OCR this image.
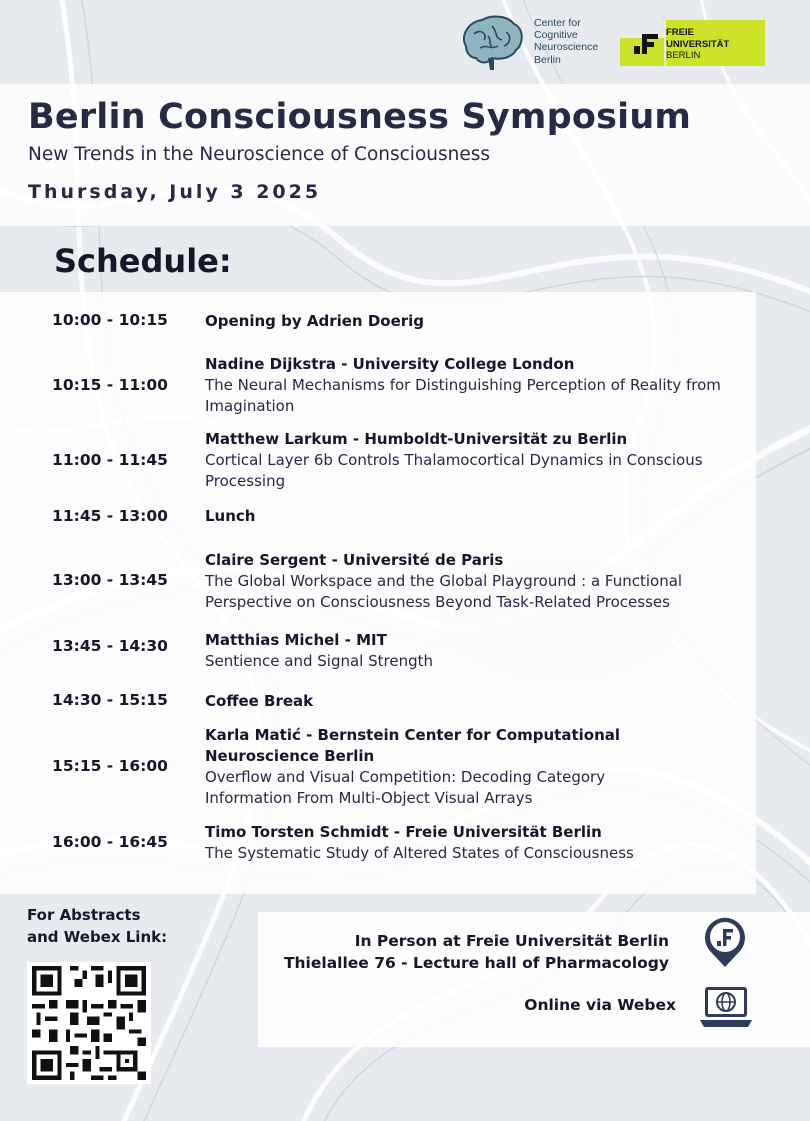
Center for
Cognitive
Neuroscience
Berlin
FREIE
UNIVERSITÄT
BERLIN
Berlin Consciousness Symposium
New Trends in the Neuroscience of Consciousness
Thursday, July 3 2025
Schedule:
10:00 - 10:15	Opening by Adrien Doerig
10:15 - 11:00
Nadine Dijkstra - University College London
The Neural Mechanisms for Distinguishing Perception of Reality from Imagination
11:00 - 11:45
Matthew Larkum - Humboldt-Universität zu Berlin
Cortical Layer 6b Controls Thalamocortical Dynamics in Conscious Processing
11:45 - 13:00	Lunch
13:00 - 13:45
Claire Sergent - Université de Paris
The Global Workspace and the Global Playground : a Functional Perspective on Consciousness Beyond Task-Related Processes
13:45 - 14:30	Matthias Michel - MIT
Sentience and Signal Strength
14:30 - 15:15	Coffee Break
15:15 - 16:00
Karla Matić - Bernstein Center for Computational Neuroscience Berlin
Overflow and Visual Competition: Decoding Category Information From Multi-Object Visual Arrays
16:00 - 16:45
Timo Torsten Schmidt - Freie Universität Berlin
The Systematic Study of Altered States of Consciousness
For Abstracts
and Webex Link:	In Person at Freie Universität Berlin
Thielallee 76 - Lecture hall of Pharmacology
Online via Webex
